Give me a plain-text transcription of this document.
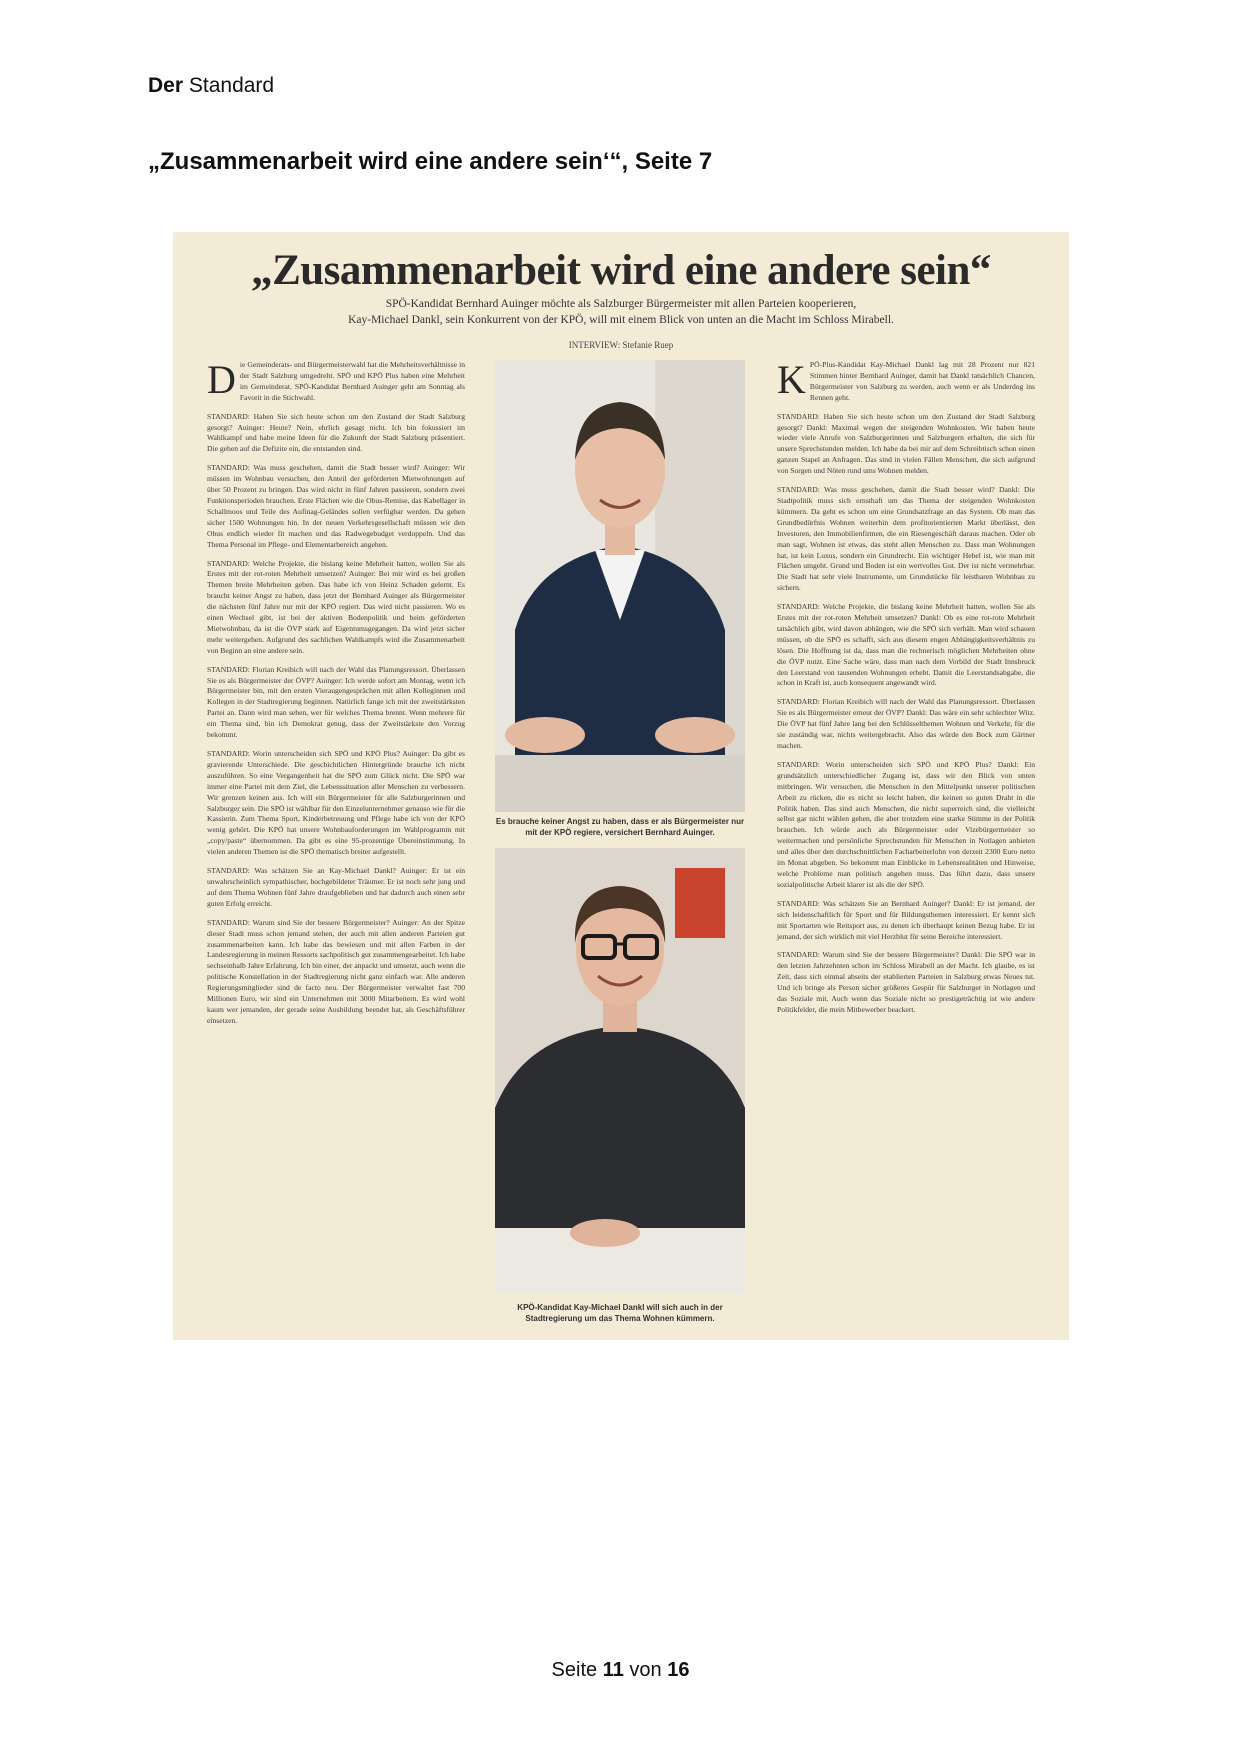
Der Standard
„Zusammenarbeit wird eine andere sein‘“, Seite 7
„Zusammenarbeit wird eine andere sein“
SPÖ-Kandidat Bernhard Auinger möchte als Salzburger Bürgermeister mit allen Parteien kooperieren,
Kay-Michael Dankl, sein Konkurrent von der KPÖ, will mit einem Blick von unten an die Macht im Schloss Mirabell.
INTERVIEW: Stefanie Ruep
D ie Gemeinderats- und Bürgermeisterwahl hat die Mehrheitsverhältnisse in der Stadt Salzburg umgedreht. SPÖ und KPÖ Plus haben eine Mehrheit im Gemeinderat. SPÖ-Kandidat Bernhard Auinger geht am Sonntag als Favorit in die Stichwahl.

STANDARD: Haben Sie sich heute schon um den Zustand der Stadt Salzburg gesorgt? Auinger: Heute? Nein, ehrlich gesagt nicht. Ich bin fokussiert im Wahlkampf und habe meine Ideen für die Zukunft der Stadt Salzburg präsentiert. Die gehen auf die Defizite ein, die entstanden sind.

STANDARD: Was muss geschehen, damit die Stadt besser wird? Auinger: Wir müssen im Wohnbau versuchen, den Anteil der geförderten Mietwohnungen auf über 50 Prozent zu bringen. Das wird nicht in fünf Jahren passieren, sondern zwei Funktionsperioden brauchen. Erste Flächen wie die Obus-Remise, das Kabellager in Schallmoos und Teile des Aufinag-Geländes sollen verfügbar werden. Da gehen sicher 1500 Wohnungen hin. In der neuen Verkehrsgesellschaft müssen wir den Obus endlich wieder fit machen und das Radwegebudget verdoppeln. Und das Thema Personal im Pflege- und Elementarbereich angehen.

STANDARD: Welche Projekte, die bislang keine Mehrheit hatten, wollen Sie als Erstes mit der rot-roten Mehrheit umsetzen? Auinger: Bei mir wird es bei großen Themen breite Mehrheiten geben. Das habe ich von Heinz Schaden gelernt. Es braucht keiner Angst zu haben, dass jetzt der Bernhard Auinger als Bürgermeister die nächsten fünf Jahre nur mit der KPÖ regiert. Das wird nicht passieren. Wo es einen Wechsel gibt, ist bei der aktiven Bodenpolitik und beim geförderten Mietwohnbau, da ist die ÖVP stark auf Eigentumsgegangen. Da wird jetzt sicher mehr weitergehen. Aufgrund des sachlichen Wahlkampfs wird die Zusammenarbeit von Beginn an eine andere sein.

STANDARD: Florian Kreibich will nach der Wahl das Planungsressort. Überlassen Sie es als Bürgermeister der ÖVP? Auinger: Ich werde sofort am Montag, wenn ich Bürgermeister bin, mit den ersten Vieraugengesprächen mit allen Kolleginnen und Kollegen in der Stadtregierung beginnen. Natürlich fange ich mit der zweitstärksten Partei an. Dann wird man sehen, wer für welches Thema brennt. Wenn mehrere für ein Thema sind, bin ich Demokrat genug, dass der Zweitstärkste den Vorzug bekommt.

STANDARD: Worin unterscheiden sich SPÖ und KPÖ Plus? Auinger: Da gibt es gravierende Unterschiede. Die geschichtlichen Hintergründe brauche ich nicht auszuführen. So eine Vergangenheit hat die SPÖ zum Glück nicht. Die SPÖ war immer eine Partei mit dem Ziel, die Lebenssituation aller Menschen zu verbessern. Wir grenzen keinen aus. Ich will ein Bürgermeister für alle Salzburgerinnen und Salzburger sein. Die SPÖ ist wählbar für den Einzelunternehmer genauso wie für die Kassierin. Zum Thema Sport, Kinderbetreuung und Pflege habe ich von der KPÖ wenig gehört. Die KPÖ hat unsere Wohnbauforderungen im Wahlprogramm mit „copy/paste“ übernommen. Da gibt es eine 95-prozentige Übereinstimmung. In vielen anderen Themen ist die SPÖ thematisch breiter aufgestellt.

STANDARD: Was schätzen Sie an Kay-Michael Dankl? Auinger: Er ist ein unwahrscheinlich sympathischer, hochgebildeter Träumer. Er ist noch sehr jung und auf dem Thema Wohnen fünf Jahre draufgeblieben und hat dadurch auch einen sehr guten Erfolg erreicht.

STANDARD: Warum sind Sie der bessere Bürgermeister? Auinger: An der Spitze dieser Stadt muss schon jemand stehen, der auch mit allen anderen Parteien gut zusammenarbeiten kann. Ich habe das bewiesen und mit allen Farben in der Landesregierung in meinen Ressorts sachpolitisch gut zusammengearbeitet. Ich habe sechseinhalb Jahre Erfahrung. Ich bin einer, der anpackt und umsetzt, auch wenn die politische Konstellation in der Stadtregierung nicht ganz einfach war. Alle anderen Regierungsmitglieder sind de facto neu. Der Bürgermeister verwaltet fast 700 Millionen Euro, wir sind ein Unternehmen mit 3000 Mitarbeitern. Es wird wohl kaum wer jemanden, der gerade seine Ausbildung beendet hat, als Geschäftsführer einsetzen.

Es brauche keiner Angst zu haben, dass er als Bürgermeister nur mit der KPÖ regiere, versichert Bernhard Auinger.
KPÖ-Kandidat Kay-Michael Dankl will sich auch in der Stadtregierung um das Thema Wohnen kümmern.
K PÖ-Plus-Kandidat Kay-Michael Dankl lag mit 28 Prozent nur 821 Stimmen hinter Bernhard Auinger, damit hat Dankl tatsächlich Chancen, Bürgermeister von Salzburg zu werden, auch wenn er als Underdog ins Rennen geht.

STANDARD: Haben Sie sich heute schon um den Zustand der Stadt Salzburg gesorgt? Dankl: Maximal wegen der steigenden Wohnkosten. Wir haben heute wieder viele Anrufe von Salzburgerinnen und Salzburgern erhalten, die sich für unsere Sprechstunden melden. Ich habe da bei mir auf dem Schreibtisch schon einen ganzen Stapel an Anfragen. Das sind in vielen Fällen Menschen, die sich aufgrund von Sorgen und Nöten rund ums Wohnen melden.

STANDARD: Was muss geschehen, damit die Stadt besser wird? Dankl: Die Stadtpolitik muss sich ernsthaft um das Thema der steigenden Wohnkosten kümmern. Da geht es schon um eine Grundsatzfrage an das System. Ob man das Grundbedürfnis Wohnen weiterhin dem profitorientierten Markt überlässt, den Investoren, den Immobilienfirmen, die ein Riesengeschäft daraus machen. Oder ob man sagt, Wohnen ist etwas, das steht allen Menschen zu. Dass man Wohnungen hat, ist kein Luxus, sondern ein Grundrecht. Ein wichtiger Hebel ist, wie man mit Flächen umgeht. Grund und Boden ist ein wertvolles Gut. Der ist nicht vermehrbar. Die Stadt hat sehr viele Instrumente, um Grundstücke für leistbaren Wohnbau zu sichern.

STANDARD: Welche Projekte, die bislang keine Mehrheit hatten, wollen Sie als Erstes mit der rot-roten Mehrheit umsetzen? Dankl: Ob es eine rot-rote Mehrheit tatsächlich gibt, wird davon abhängen, wie die SPÖ sich verhält. Man wird schauen müssen, ob die SPÖ es schafft, sich aus diesem engen Abhängigkeitsverhältnis zu lösen. Die Hoffnung ist da, dass man die rechnerisch möglichen Mehrheiten ohne die ÖVP nutzt. Eine Sache wäre, dass man nach dem Vorbild der Stadt Innsbruck den Leerstand von tausenden Wohnungen erhebt. Damit die Leerstandsabgabe, die schon in Kraft ist, auch konsequent angewandt wird.

STANDARD: Florian Kreibich will nach der Wahl das Planungsressort. Überlassen Sie es als Bürgermeister erneut der ÖVP? Dankl: Das wäre ein sehr schlechter Witz. Die ÖVP hat fünf Jahre lang bei den Schlüsselthemen Wohnen und Verkehr, für die sie zuständig war, nichts weitergebracht. Also das würde den Bock zum Gärtner machen.

STANDARD: Worin unterscheiden sich SPÖ und KPÖ Plus? Dankl: Ein grundsätzlich unterschiedlicher Zugang ist, dass wir den Blick von unten mitbringen. Wir versuchen, die Menschen in den Mittelpunkt unserer politischen Arbeit zu rücken, die es nicht so leicht haben, die keinen so guten Draht in die Politik haben. Das sind auch Menschen, die nicht superreich sind, die vielleicht selbst gar nicht wählen gehen, die aber trotzdem eine starke Stimme in der Politik brauchen. Ich würde auch als Bürgermeister oder Vizebürgermeister so weitermachen und persönliche Sprechstunden für Menschen in Notlagen anbieten und alles über den durchschnittlichen Facharbeiterlohn von derzeit 2300 Euro netto im Monat abgeben. So bekommt man Einblicke in Lebensrealitäten und Hinweise, welche Probleme man politisch angehen muss. Das führt dazu, dass unsere sozialpolitische Arbeit klarer ist als die der SPÖ.

STANDARD: Was schätzen Sie an Bernhard Auinger? Dankl: Er ist jemand, der sich leidenschaftlich für Sport und für Bildungsthemen interessiert. Er kennt sich mit Sportarten wie Reitsport aus, zu denen ich überhaupt keinen Bezug habe. Er ist jemand, der sich wirklich mit viel Herzblut für seine Bereiche interessiert.

STANDARD: Warum sind Sie der bessere Bürgermeister? Dankl: Die SPÖ war in den letzten Jahrzehnten schon im Schloss Mirabell an der Macht. Ich glaube, es ist Zeit, dass sich einmal abseits der etablierten Parteien in Salzburg etwas Neues tut. Und ich bringe als Person sicher größeres Gespür für Salzburger in Notlagen und das Soziale mit. Auch wenn das Soziale nicht so prestigeträchtig ist wie andere Politikfelder, die mein Mitbewerber beackert.

Seite 11 von 16
